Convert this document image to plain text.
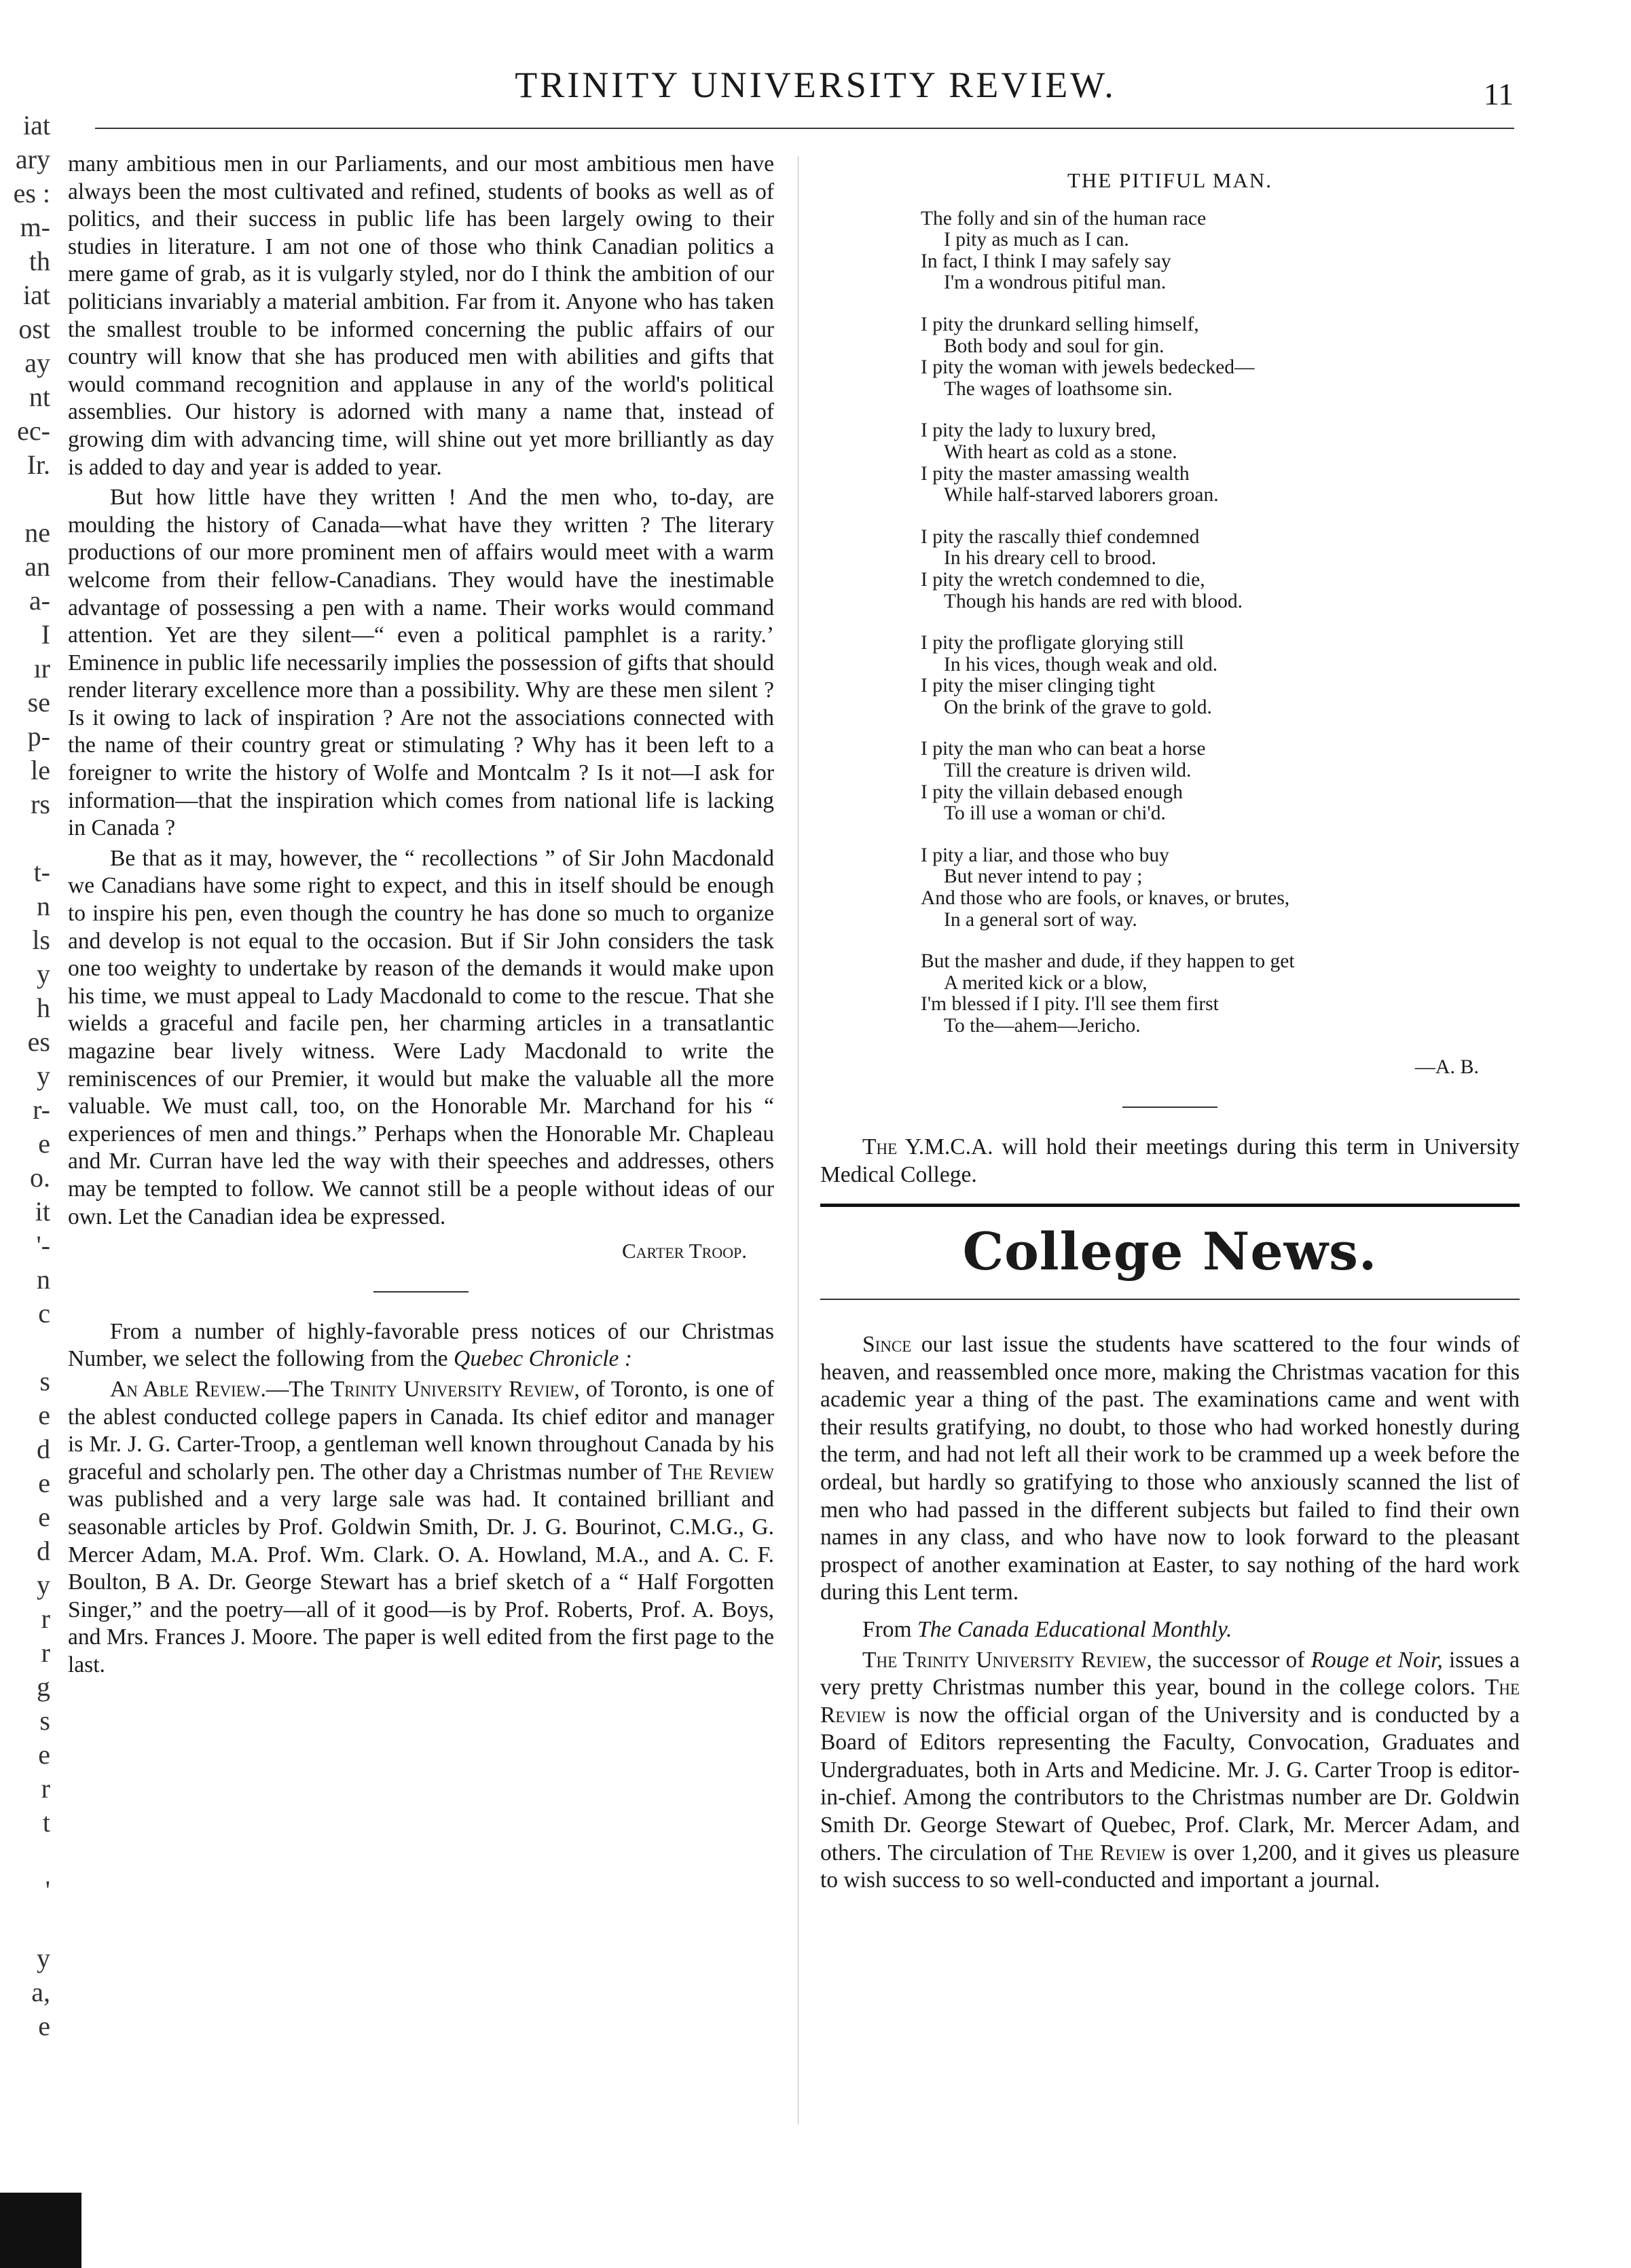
iat
ary
es :
m-
th
iat
ost
ay
nt
ec-
Ir.
ne
an
a-
I
ır
se
p-
le
rs
t-
n
ls
y
h
es
y
r-
e
o.
it
'-
n
c
s
e
d
e
e
d
y
r
r
g
s
e
r
t
'
y
a,
e
TRINITY UNIVERSITY REVIEW.	11

many ambitious men in our Parliaments, and our most ambitious men have always been the most cultivated and refined, students of books as well as of politics, and their success in public life has been largely owing to their studies in literature. I am not one of those who think Canadian politics a mere game of grab, as it is vulgarly styled, nor do I think the ambition of our politicians invariably a material ambition. Far from it. Anyone who has taken the smallest trouble to be informed concerning the public affairs of our country will know that she has produced men with abilities and gifts that would command recognition and applause in any of the world's political assemblies. Our history is adorned with many a name that, instead of growing dim with advancing time, will shine out yet more brilliantly as day is added to day and year is added to year.

But how little have they written ! And the men who, to-day, are moulding the history of Canada—what have they written ? The literary productions of our more prominent men of affairs would meet with a warm welcome from their fellow-Canadians. They would have the inestimable advantage of possessing a pen with a name. Their works would command attention. Yet are they silent—“ even a political pamphlet is a rarity.’ Eminence in public life necessarily implies the possession of gifts that should render literary excellence more than a possibility. Why are these men silent ? Is it owing to lack of inspiration ? Are not the associations connected with the name of their country great or stimulating ? Why has it been left to a foreigner to write the history of Wolfe and Montcalm ? Is it not—I ask for information—that the inspiration which comes from national life is lacking in Canada ?

Be that as it may, however, the “ recollections ” of Sir John Macdonald we Canadians have some right to expect, and this in itself should be enough to inspire his pen, even though the country he has done so much to organize and develop is not equal to the occasion. But if Sir John considers the task one too weighty to undertake by reason of the demands it would make upon his time, we must appeal to Lady Macdonald to come to the rescue. That she wields a graceful and facile pen, her charming articles in a transatlantic magazine bear lively witness. Were Lady Macdonald to write the reminiscences of our Premier, it would but make the valuable all the more valuable. We must call, too, on the Honorable Mr. Marchand for his “ experiences of men and things.” Perhaps when the Honorable Mr. Chapleau and Mr. Curran have led the way with their speeches and addresses, others may be tempted to follow. We cannot still be a people without ideas of our own. Let the Canadian idea be expressed.

Carter Troop.

From a number of highly-favorable press notices of our Christmas Number, we select the following from the Quebec Chronicle :

An Able Review.—The Trinity University Review, of Toronto, is one of the ablest conducted college papers in Canada. Its chief editor and manager is Mr. J. G. Carter-Troop, a gentleman well known throughout Canada by his graceful and scholarly pen. The other day a Christmas number of The Review was published and a very large sale was had. It contained brilliant and seasonable articles by Prof. Goldwin Smith, Dr. J. G. Bourinot, C.M.G., G. Mercer Adam, M.A. Prof. Wm. Clark. O. A. Howland, M.A., and A. C. F. Boulton, B A. Dr. George Stewart has a brief sketch of a “ Half Forgotten Singer,” and the poetry—all of it good—is by Prof. Roberts, Prof. A. Boys, and Mrs. Frances J. Moore. The paper is well edited from the first page to the last.

THE PITIFUL MAN.
The folly and sin of the human race
I pity as much as I can.
In fact, I think I may safely say
I'm a wondrous pitiful man.
I pity the drunkard selling himself,
Both body and soul for gin.
I pity the woman with jewels bedecked—
The wages of loathsome sin.
I pity the lady to luxury bred,
With heart as cold as a stone.
I pity the master amassing wealth
While half-starved laborers groan.
I pity the rascally thief condemned
In his dreary cell to brood.
I pity the wretch condemned to die,
Though his hands are red with blood.
I pity the profligate glorying still
In his vices, though weak and old.
I pity the miser clinging tight
On the brink of the grave to gold.
I pity the man who can beat a horse
Till the creature is driven wild.
I pity the villain debased enough
To ill use a woman or chi'd.
I pity a liar, and those who buy
But never intend to pay ;
And those who are fools, or knaves, or brutes,
In a general sort of way.
But the masher and dude, if they happen to get
A merited kick or a blow,
I'm blessed if I pity. I'll see them first
To the—ahem—Jericho.
—A. B.

The Y.M.C.A. will hold their meetings during this term in University Medical College.

College News.

Since our last issue the students have scattered to the four winds of heaven, and reassembled once more, making the Christmas vacation for this academic year a thing of the past. The examinations came and went with their results gratifying, no doubt, to those who had worked honestly during the term, and had not left all their work to be crammed up a week before the ordeal, but hardly so gratifying to those who anxiously scanned the list of men who had passed in the different subjects but failed to find their own names in any class, and who have now to look forward to the pleasant prospect of another examination at Easter, to say nothing of the hard work during this Lent term.

From The Canada Educational Monthly.

The Trinity University Review, the successor of Rouge et Noir, issues a very pretty Christmas number this year, bound in the college colors. The Review is now the official organ of the University and is conducted by a Board of Editors representing the Faculty, Convocation, Graduates and Undergraduates, both in Arts and Medicine. Mr. J. G. Carter Troop is editor-in-chief. Among the contributors to the Christmas number are Dr. Goldwin Smith Dr. George Stewart of Quebec, Prof. Clark, Mr. Mercer Adam, and others. The circulation of The Review is over 1,200, and it gives us pleasure to wish success to so well-conducted and important a journal.
